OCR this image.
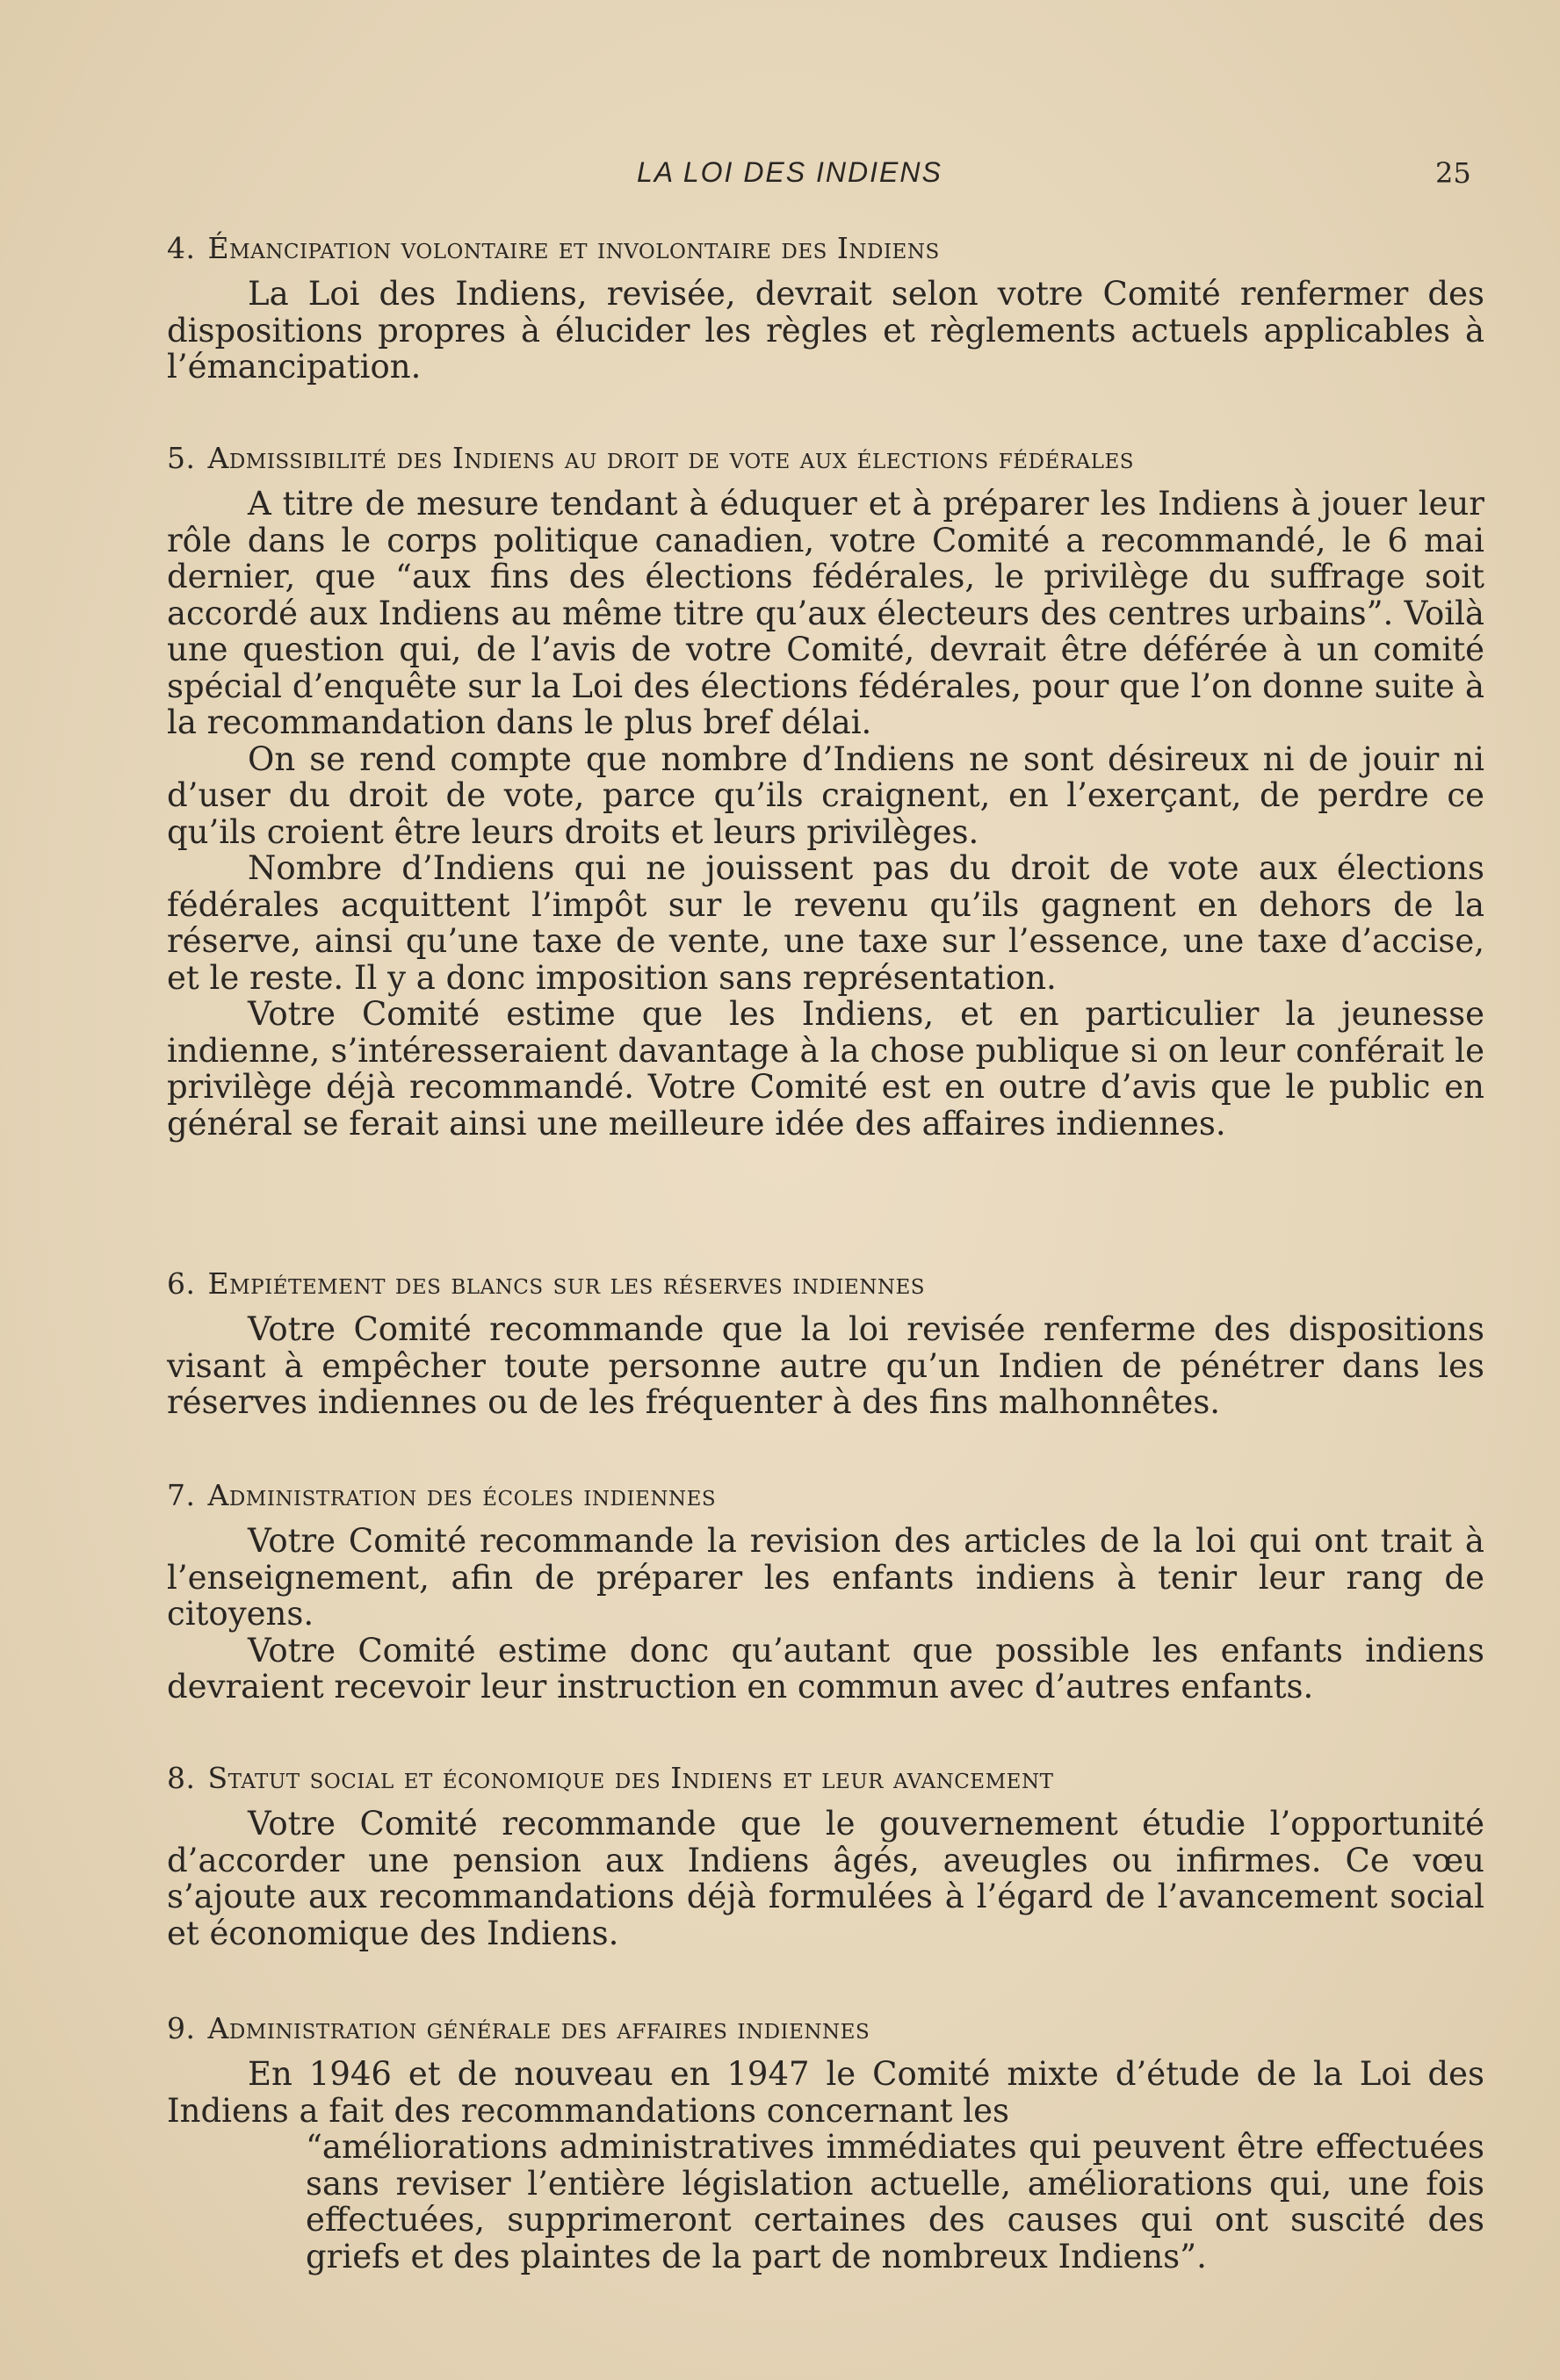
LA LOI DES INDIENS	25
4. Émancipation volontaire et involontaire des Indiens

La Loi des Indiens, revisée, devrait selon votre Comité renfermer des dispositions propres à élucider les règles et règlements actuels applicables à l’émancipation.

5. Admissibilité des Indiens au droit de vote aux élections fédérales

A titre de mesure tendant à éduquer et à préparer les Indiens à jouer leur rôle dans le corps politique canadien, votre Comité a recommandé, le 6 mai dernier, que “aux fins des élections fédérales, le privilège du suffrage soit accordé aux Indiens au même titre qu’aux électeurs des centres urbains”. Voilà une question qui, de l’avis de votre Comité, devrait être déférée à un comité spécial d’enquête sur la Loi des élections fédérales, pour que l’on donne suite à la recommandation dans le plus bref délai.

On se rend compte que nombre d’Indiens ne sont désireux ni de jouir ni d’user du droit de vote, parce qu’ils craignent, en l’exerçant, de perdre ce qu’ils croient être leurs droits et leurs privilèges.

Nombre d’Indiens qui ne jouissent pas du droit de vote aux élections fédérales acquittent l’impôt sur le revenu qu’ils gagnent en dehors de la réserve, ainsi qu’une taxe de vente, une taxe sur l’essence, une taxe d’accise, et le reste. Il y a donc imposition sans représentation.

Votre Comité estime que les Indiens, et en particulier la jeunesse indienne, s’intéresseraient davantage à la chose publique si on leur conférait le privilège déjà recommandé. Votre Comité est en outre d’avis que le public en général se ferait ainsi une meilleure idée des affaires indiennes.

6. Empiétement des blancs sur les réserves indiennes

Votre Comité recommande que la loi revisée renferme des dispositions visant à empêcher toute personne autre qu’un Indien de pénétrer dans les réserves indiennes ou de les fréquenter à des fins malhonnêtes.

7. Administration des écoles indiennes

Votre Comité recommande la revision des articles de la loi qui ont trait à l’enseignement, afin de préparer les enfants indiens à tenir leur rang de citoyens.

Votre Comité estime donc qu’autant que possible les enfants indiens devraient recevoir leur instruction en commun avec d’autres enfants.

8. Statut social et économique des Indiens et leur avancement

Votre Comité recommande que le gouvernement étudie l’opportunité d’accorder une pension aux Indiens âgés, aveugles ou infirmes. Ce vœu s’ajoute aux recommandations déjà formulées à l’égard de l’avancement social et économique des Indiens.

9. Administration générale des affaires indiennes

En 1946 et de nouveau en 1947 le Comité mixte d’étude de la Loi des Indiens a fait des recommandations concernant les

“améliorations administratives immédiates qui peuvent être effectuées sans reviser l’entière législation actuelle, améliorations qui, une fois effectuées, supprimeront certaines des causes qui ont suscité des griefs et des plaintes de la part de nombreux Indiens”.
